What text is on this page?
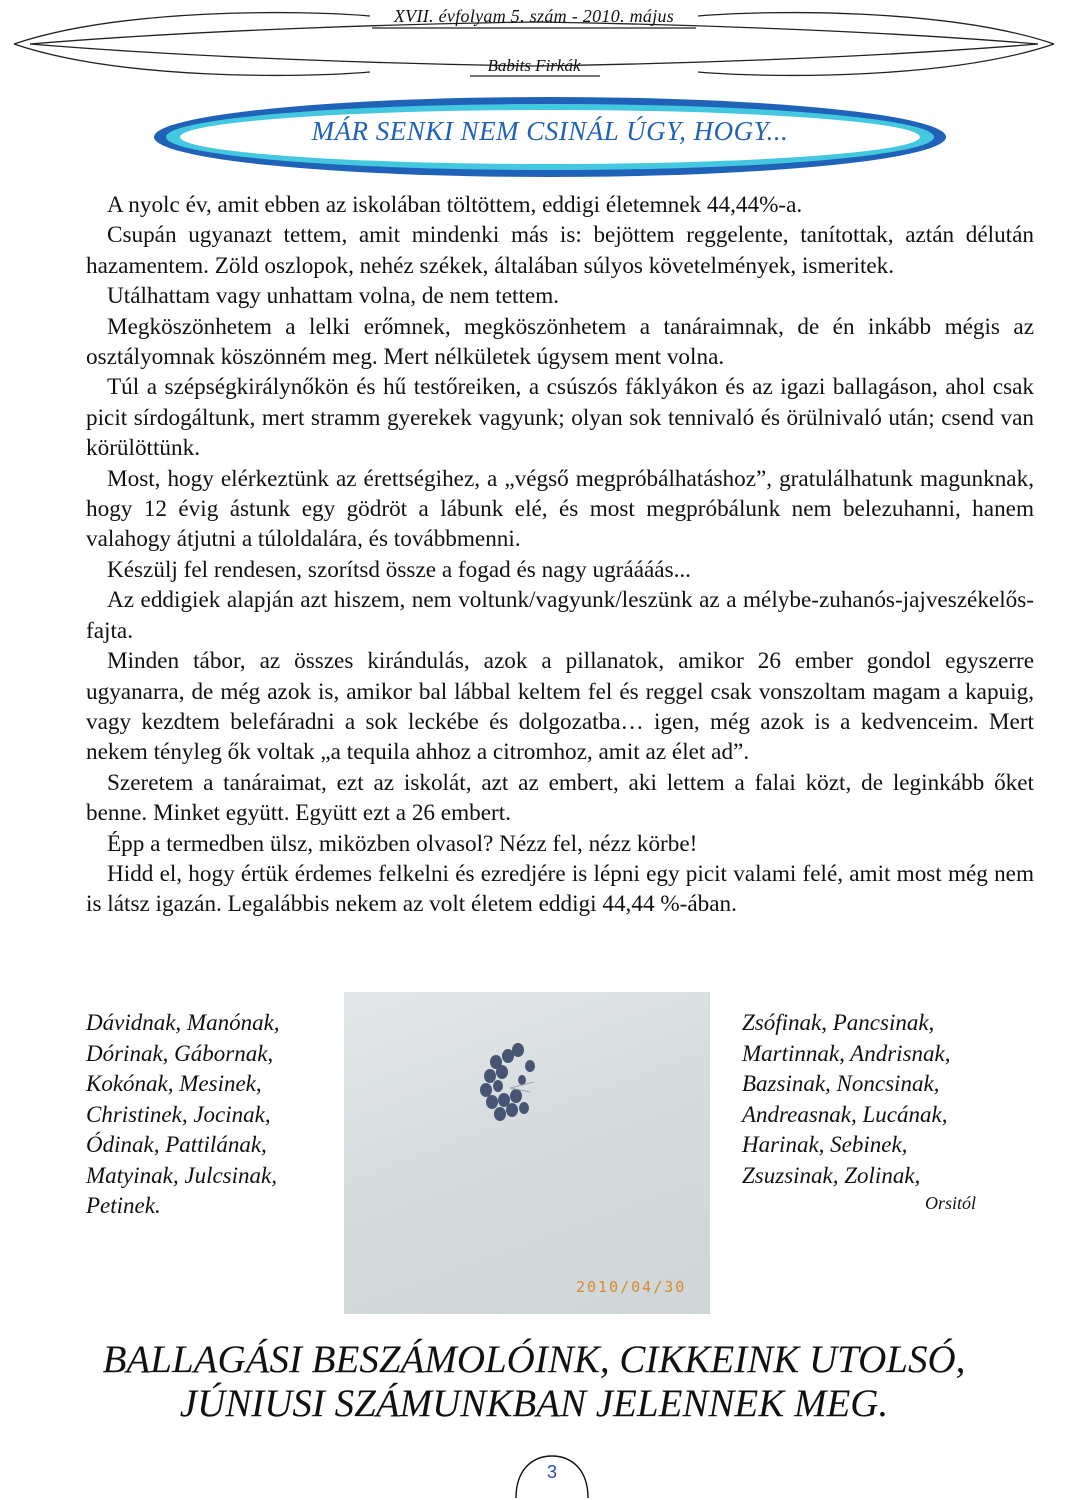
XVII. évfolyam 5. szám - 2010. május
Babits Firkák
MÁR SENKI NEM CSINÁL ÚGY, HOGY...

A nyolc év, amit ebben az iskolában töltöttem, eddigi életemnek 44,44%-a.

Csupán ugyanazt tettem, amit mindenki más is: bejöttem reggelente, tanítottak, aztán délután hazamentem. Zöld oszlopok, nehéz székek, általában súlyos követelmények, ismeritek.

Utálhattam vagy unhattam volna, de nem tettem.

Megköszönhetem a lelki erőmnek, megköszönhetem a tanáraimnak, de én inkább mégis az osztályomnak köszönném meg. Mert nélkületek úgysem ment volna.

Túl a szépségkirálynőkön és hű testőreiken, a csúszós fáklyákon és az igazi ballagáson, ahol csak picit sírdogáltunk, mert stramm gyerekek vagyunk; olyan sok tennivaló és örülnivaló után; csend van körülöttünk.

Most, hogy elérkeztünk az érettségihez, a „végső megpróbálhatáshoz”, gratulálhatunk magunknak, hogy 12 évig ástunk egy gödröt a lábunk elé, és most megpróbálunk nem belezuhanni, hanem valahogy átjutni a túloldalára, és továbbmenni.

Készülj fel rendesen, szorítsd össze a fogad és nagy ugráááás...

Az eddigiek alapján azt hiszem, nem voltunk/vagyunk/leszünk az a mélybe-zuhanós-jajveszékelős-fajta.

Minden tábor, az összes kirándulás, azok a pillanatok, amikor 26 ember gondol egyszerre ugyanarra, de még azok is, amikor bal lábbal keltem fel és reggel csak vonszoltam magam a kapuig, vagy kezdtem belefáradni a sok leckébe és dolgozatba… igen, még azok is a kedvenceim. Mert nekem tényleg ők voltak „a tequila ahhoz a citromhoz, amit az élet ad”.

Szeretem a tanáraimat, ezt az iskolát, azt az embert, aki lettem a falai közt, de leginkább őket benne. Minket együtt. Együtt ezt a 26 embert.

Épp a termedben ülsz, miközben olvasol? Nézz fel, nézz körbe!

Hidd el, hogy értük érdemes felkelni és ezredjére is lépni egy picit valami felé, amit most még nem is látsz igazán. Legalábbis nekem az volt életem eddigi 44,44 %-ában.

Dávidnak, Manónak,
Dórinak, Gábornak,
Kokónak, Mesinek,
Christinek, Jocinak,
Ódinak, Pattilának,
Matyinak, Julcsinak,
Petinek.
2010/04/30
Zsófinak, Pancsinak,
Martinnak, Andrisnak,
Bazsinak, Noncsinak,
Andreasnak, Lucának,
Harinak, Sebinek,
Zsuzsinak, Zolinak,
Orsitól
BALLAGÁSI BESZÁMOLÓINK, CIKKEINK UTOLSÓ,
JÚNIUSI SZÁMUNKBAN JELENNEK MEG.
3
